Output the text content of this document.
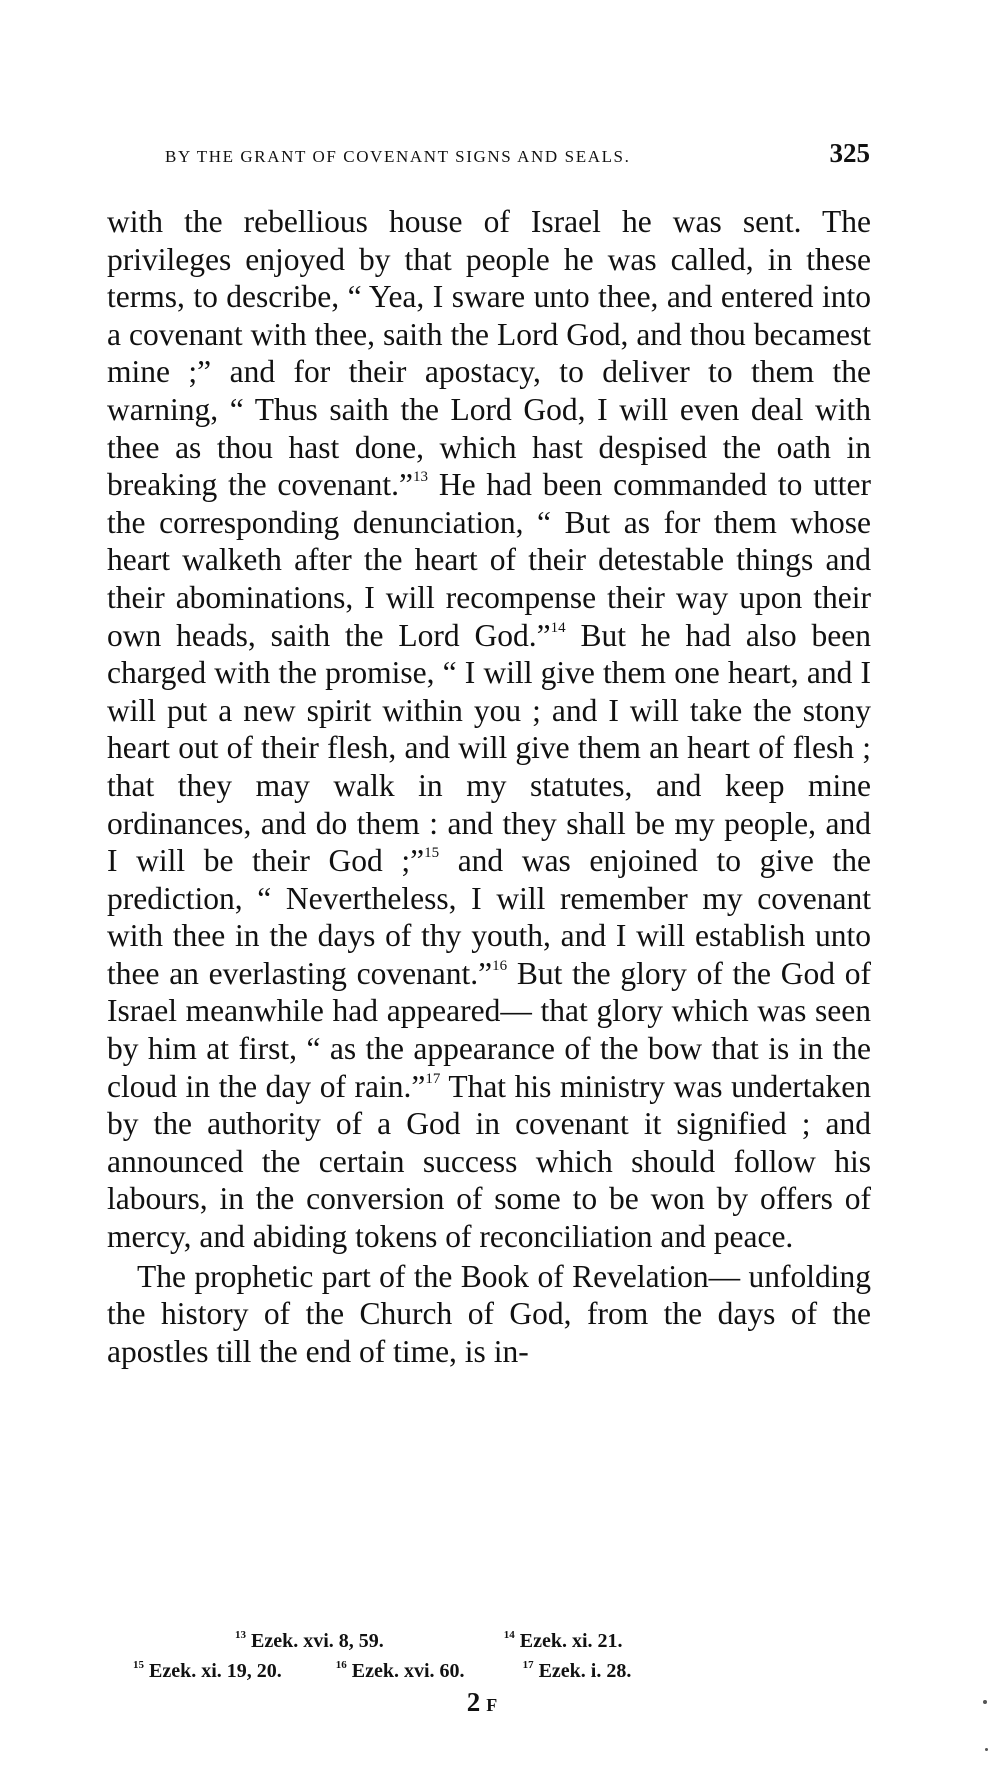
BY THE GRANT OF COVENANT SIGNS AND SEALS.	325

with the rebellious house of Israel he was sent. The privileges enjoyed by that people he was called, in these terms, to describe, “ Yea, I sware unto thee, and entered into a covenant with thee, saith the Lord God, and thou becamest mine ;” and for their apostacy, to deliver to them the warning, “ Thus saith the Lord God, I will even deal with thee as thou hast done, which hast despised the oath in breaking the covenant.”$^{13}$ He had been commanded to utter the corresponding denunciation, “ But as for them whose heart walketh after the heart of their detestable things and their abominations, I will recompense their way upon their own heads, saith the Lord God.”$^{14}$ But he had also been charged with the promise, “ I will give them one heart, and I will put a new spirit within you ; and I will take the stony heart out of their flesh, and will give them an heart of flesh ; that they may walk in my statutes, and keep mine ordinances, and do them : and they shall be my people, and I will be their God ;”$^{15}$ and was enjoined to give the prediction, “ Nevertheless, I will remember my covenant with thee in the days of thy youth, and I will establish unto thee an everlasting covenant.”$^{16}$ But the glory of the God of Israel meanwhile had appeared— that glory which was seen by him at first, “ as the appearance of the bow that is in the cloud in the day of rain.”$^{17}$ That his ministry was undertaken by the authority of a God in covenant it signified ; and announced the certain success which should follow his labours, in the conversion of some to be won by offers of mercy, and abiding tokens of reconciliation and peace.

The prophetic part of the Book of Revelation— unfolding the history of the Church of God, from the days of the apostles till the end of time, is in-

$^{13}$ Ezek. xvi. 8, 59.	$^{14}$ Ezek. xi. 21.
$^{15}$ Ezek. xi. 19, 20.	$^{16}$ Ezek. xvi. 60.	$^{17}$ Ezek. i. 28.
2F
